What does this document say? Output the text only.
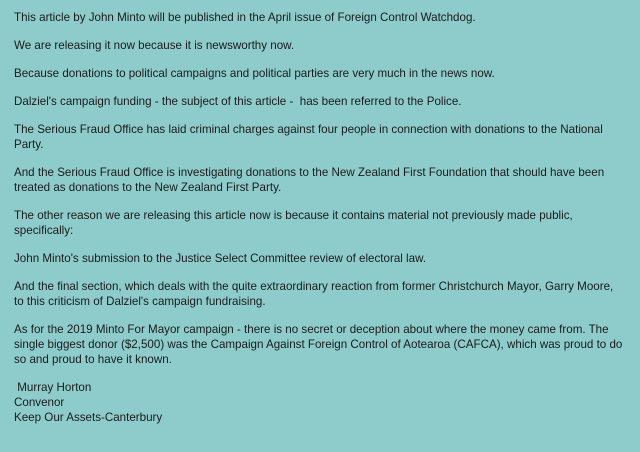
This article by John Minto will be published in the April issue of Foreign Control Watchdog.

We are releasing it now because it is newsworthy now.

Because donations to political campaigns and political parties are very much in the news now.

Dalziel's campaign funding - the subject of this article -  has been referred to the Police.

The Serious Fraud Office has laid criminal charges against four people in connection with donations to the National Party.

And the Serious Fraud Office is investigating donations to the New Zealand First Foundation that should have been treated as donations to the New Zealand First Party.

The other reason we are releasing this article now is because it contains material not previously made public, specifically:

John Minto's submission to the Justice Select Committee review of electoral law.

And the final section, which deals with the quite extraordinary reaction from former Christchurch Mayor, Garry Moore, to this criticism of Dalziel's campaign fundraising.

As for the 2019 Minto For Mayor campaign - there is no secret or deception about where the money came from. The single biggest donor ($2,500) was the Campaign Against Foreign Control of Aotearoa (CAFCA), which was proud to do so and proud to have it known.

Murray Horton

Convenor

Keep Our Assets-Canterbury
